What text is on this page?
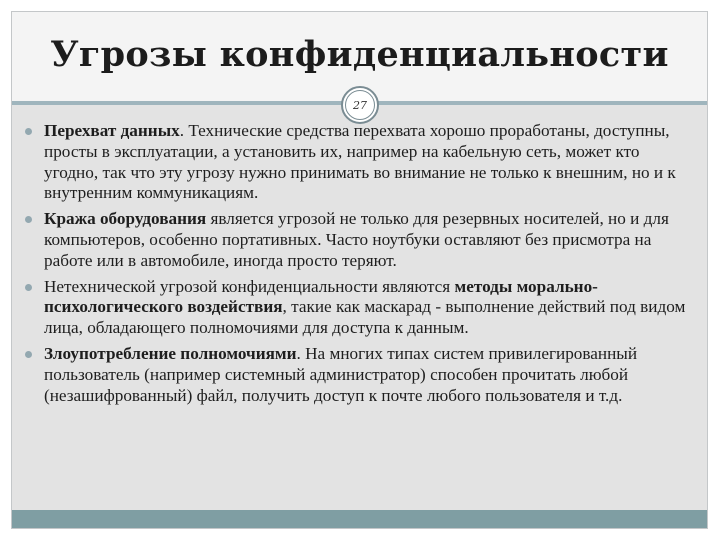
Угрозы конфиденциальности
27
Перехват данных. Технические средства перехвата хорошо проработаны, доступны, просты в эксплуатации, а установить их, например на кабельную сеть, может кто угодно, так что эту угрозу нужно принимать во внимание не только к внешним, но и к внутренним коммуникациям.
Кража оборудования является угрозой не только для резервных носителей, но и для компьютеров, особенно портативных. Часто ноутбуки оставляют без присмотра на работе или в автомобиле, иногда просто теряют.
Нетехнической угрозой конфиденциальности являются методы морально-психологического воздействия, такие как маскарад - выполнение действий под видом лица, обладающего полномочиями для доступа к данным.
Злоупотребление полномочиями. На многих типах систем привилегированный пользователь (например системный администратор) способен прочитать любой (незашифрованный) файл, получить доступ к почте любого пользователя и т.д.
